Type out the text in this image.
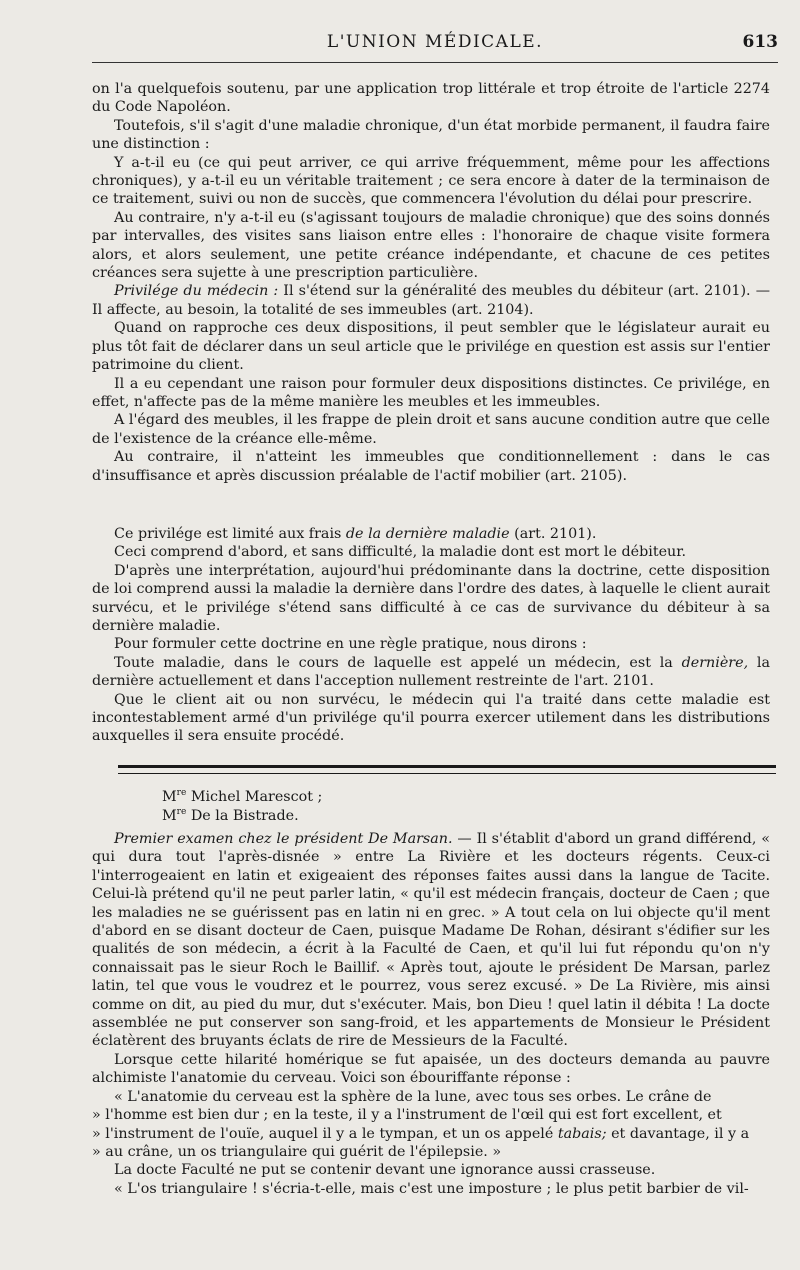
L'UNION MÉDICALE.	613

on l'a quelquefois soutenu, par une application trop littérale et trop étroite de l'article 2274 du Code Napoléon.

Toutefois, s'il s'agit d'une maladie chronique, d'un état morbide permanent, il faudra faire une distinction :

Y a-t-il eu (ce qui peut arriver, ce qui arrive fréquemment, même pour les affections chroniques), y a-t-il eu un véritable traitement ; ce sera encore à dater de la terminaison de ce traitement, suivi ou non de succès, que commencera l'évolution du délai pour prescrire.

Au contraire, n'y a-t-il eu (s'agissant toujours de maladie chronique) que des soins donnés par intervalles, des visites sans liaison entre elles : l'honoraire de chaque visite formera alors, et alors seulement, une petite créance indépendante, et chacune de ces petites créances sera sujette à une prescription particulière.

Privilége du médecin : Il s'étend sur la généralité des meubles du débiteur (art. 2101). — Il affecte, au besoin, la totalité de ses immeubles (art. 2104).

Quand on rapproche ces deux dispositions, il peut sembler que le législateur aurait eu plus tôt fait de déclarer dans un seul article que le privilége en question est assis sur l'entier patrimoine du client.

Il a eu cependant une raison pour formuler deux dispositions distinctes. Ce privilége, en effet, n'affecte pas de la même manière les meubles et les immeubles.

A l'égard des meubles, il les frappe de plein droit et sans aucune condition autre que celle de l'existence de la créance elle-même.

Au contraire, il n'atteint les immeubles que conditionnellement : dans le cas d'insuffisance et après discussion préalable de l'actif mobilier (art. 2105).

Ce privilége est limité aux frais de la dernière maladie (art. 2101).

Ceci comprend d'abord, et sans difficulté, la maladie dont est mort le débiteur.

D'après une interprétation, aujourd'hui prédominante dans la doctrine, cette disposition de loi comprend aussi la maladie la dernière dans l'ordre des dates, à laquelle le client aurait survécu, et le privilége s'étend sans difficulté à ce cas de survivance du débiteur à sa dernière maladie.

Pour formuler cette doctrine en une règle pratique, nous dirons :

Toute maladie, dans le cours de laquelle est appelé un médecin, est la dernière, la dernière actuellement et dans l'acception nullement restreinte de l'art. 2101.

Que le client ait ou non survécu, le médecin qui l'a traité dans cette maladie est incontestablement armé d'un privilége qu'il pourra exercer utilement dans les distributions auxquelles il sera ensuite procédé.

Mre Michel Marescot ;
Mre De la Bistrade.

Premier examen chez le président De Marsan. — Il s'établit d'abord un grand différend, « qui dura tout l'après-disnée » entre La Rivière et les docteurs régents. Ceux-ci l'interrogeaient en latin et exigeaient des réponses faites aussi dans la langue de Tacite. Celui-là prétend qu'il ne peut parler latin, « qu'il est médecin français, docteur de Caen ; que les maladies ne se guérissent pas en latin ni en grec. » A tout cela on lui objecte qu'il ment d'abord en se disant docteur de Caen, puisque Madame De Rohan, désirant s'édifier sur les qualités de son médecin, a écrit à la Faculté de Caen, et qu'il lui fut répondu qu'on n'y connaissait pas le sieur Roch le Baillif. « Après tout, ajoute le président De Marsan, parlez latin, tel que vous le voudrez et le pourrez, vous serez excusé. » De La Rivière, mis ainsi comme on dit, au pied du mur, dut s'exécuter. Mais, bon Dieu ! quel latin il débita ! La docte assemblée ne put conserver son sang-froid, et les appartements de Monsieur le Président éclatèrent des bruyants éclats de rire de Messieurs de la Faculté.

Lorsque cette hilarité homérique se fut apaisée, un des docteurs demanda au pauvre alchimiste l'anatomie du cerveau. Voici son ébouriffante réponse :

« L'anatomie du cerveau est la sphère de la lune, avec tous ses orbes. Le crâne de

» l'homme est bien dur ; en la teste, il y a l'instrument de l'œil qui est fort excellent, et

» l'instrument de l'ouïe, auquel il y a le tympan, et un os appelé tabais; et davantage, il y a

» au crâne, un os triangulaire qui guérit de l'épilepsie. »

La docte Faculté ne put se contenir devant une ignorance aussi crasseuse.

« L'os triangulaire ! s'écria-t-elle, mais c'est une imposture ; le plus petit barbier de vil-
